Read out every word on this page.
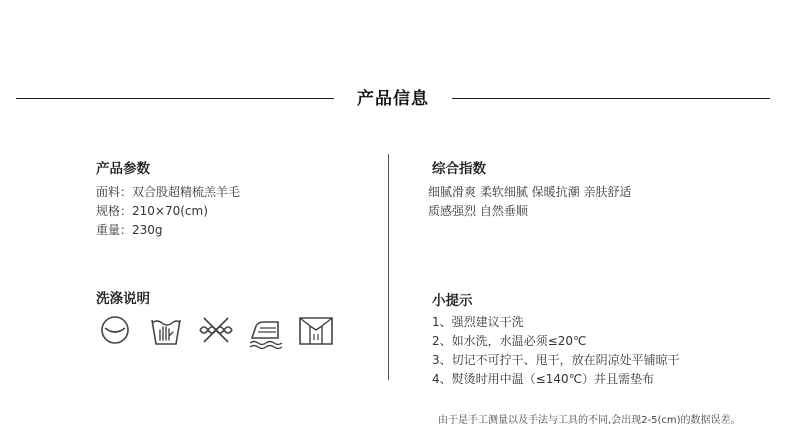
产品信息
产品参数
面料：双合股超精梳羔羊毛
规格：210×70(cm)
重量：230g
综合指数
细腻滑爽 柔软细腻 保暖抗潮 亲肤舒适
质感强烈 自然垂顺
洗涤说明	小提示
1、强烈建议干洗
2、如水洗，水温必须≤20℃
3、切记不可拧干、甩干，放在阴凉处平铺晾干
4、熨烫时用中温（≤140℃）并且需垫布
由于是手工测量以及手法与工具的不同,会出现2-5(cm)的数据误差。
